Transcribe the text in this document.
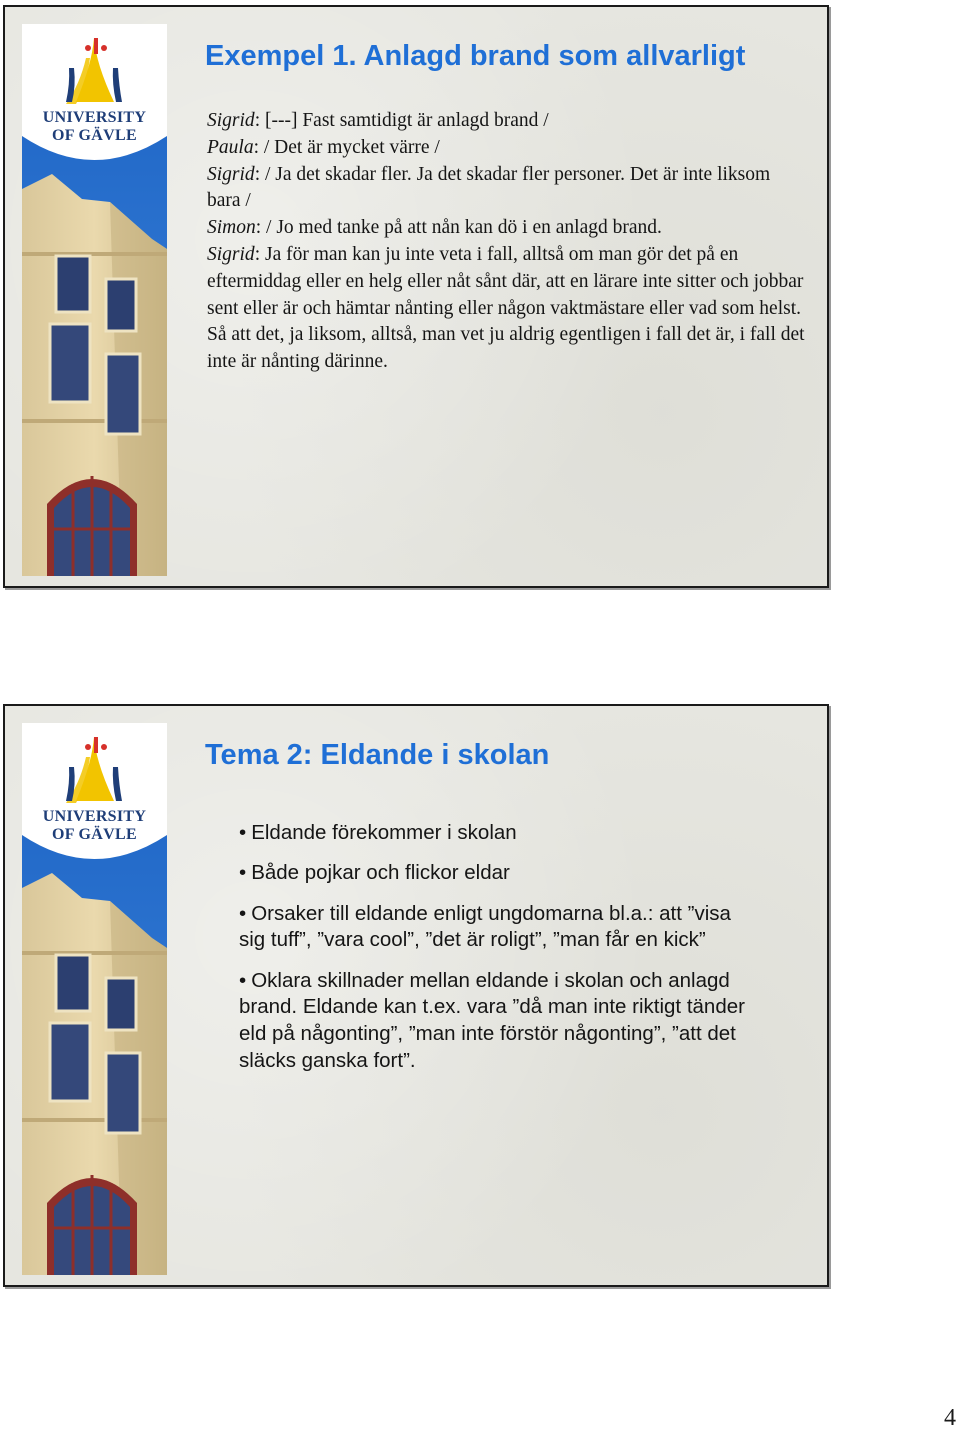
UNIVERSITY
OF GÄVLE
Exempel 1. Anlagd brand som allvarligt

Sigrid: [---] Fast samtidigt är anlagd brand /

Paula: / Det är mycket värre /

Sigrid: / Ja det skadar fler. Ja det skadar fler personer. Det är inte liksom bara /

Simon: / Jo med tanke på att nån kan dö i en anlagd brand.

Sigrid: Ja för man kan ju inte veta i fall, alltså om man gör det på en eftermiddag eller en helg eller nåt sånt där, att en lärare inte sitter och jobbar sent eller är och hämtar nånting eller någon vaktmästare eller vad som helst. Så att det, ja liksom, alltså, man vet ju aldrig egentligen i fall det är, i fall det inte är nånting därinne.

UNIVERSITY
OF GÄVLE
Tema 2: Eldande i skolan
• Eldande förekommer i skolan
• Både pojkar och flickor eldar
• Orsaker till eldande enligt ungdomarna bl.a.: att ”visa sig tuff”, ”vara cool”, ”det är roligt”, ”man får en kick”
• Oklara skillnader mellan eldande i skolan och anlagd brand. Eldande kan t.ex. vara ”då man inte riktigt tänder eld på någonting”, ”man inte förstör någonting”, ”att det släcks ganska fort”.
4
